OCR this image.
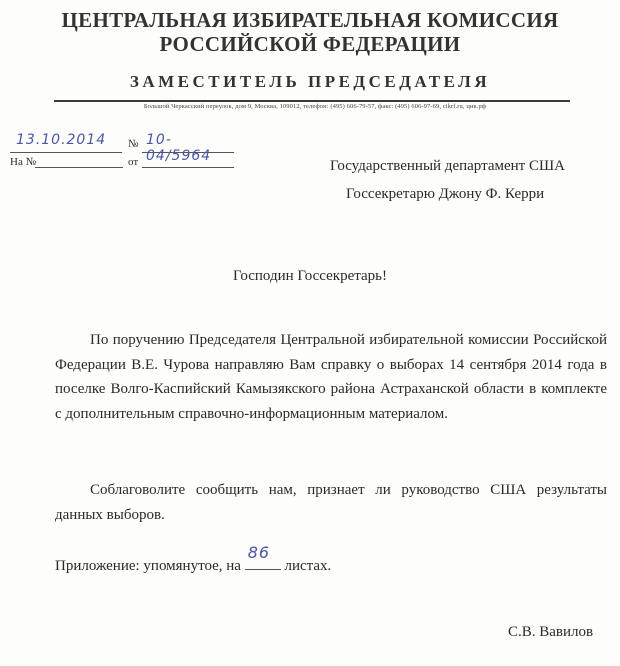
ЦЕНТРАЛЬНАЯ ИЗБИРАТЕЛЬНАЯ КОМИССИЯ
РОССИЙСКОЙ ФЕДЕРАЦИИ
ЗАМЕСТИТЕЛЬ ПРЕДСЕДАТЕЛЯ
Большой Черкасский переулок, дом 9, Москва, 109012, телефон: (495) 606-79-57, факс: (495) 606-97-69, cikrf.ru, цик.рф
13.10.2014 № 10-04/5964
На №	от	Государственный департамент США
Госсекретарю Джону Ф. Керри
Господин Госсекретарь!
По поручению Председателя Центральной избирательной комиссии Российской Федерации В.Е. Чурова направляю Вам справку о выборах 14 сентября 2014 года в поселке Волго-Каспийский Камызякского района Астраханской области в комплекте с дополнительным справочно-информационным материалом.
Соблаговолите сообщить нам, признает ли руководство США результаты данных выборов.
Приложение: упомянутое, на
86
листах.
С.В. Вавилов
